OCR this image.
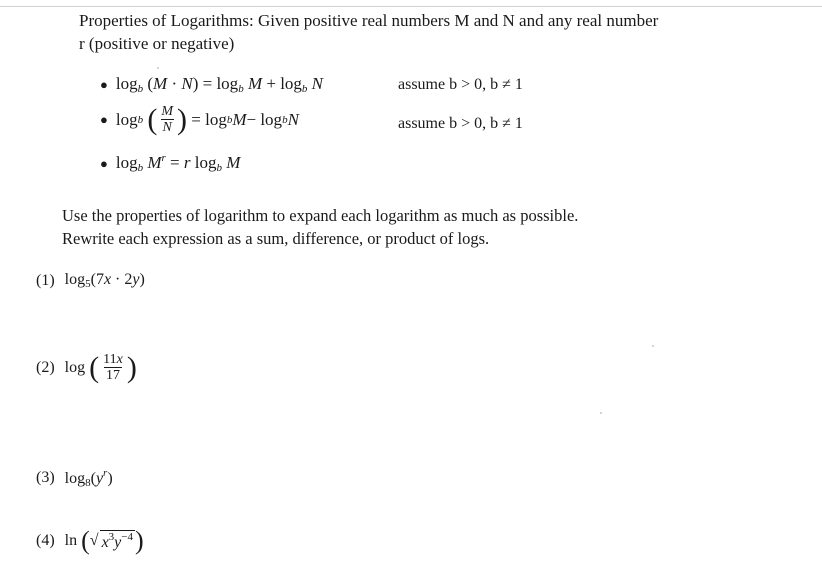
Properties of Logarithms: Given positive real numbers M and N and any real number
r (positive or negative)
● $\log_b (M \cdot N) = \log_b M + \log_b N$	assume b > 0, b ≠ 1
● log b
( $\frac{M}{N}$ ) = log b M − log b N	assume b > 0, b ≠ 1
● $\log_b M^r = r$ $\log_b M$
Use the properties of logarithm to expand each logarithm as much as possible.
Rewrite each expression as a sum, difference, or product of logs.
(1) $\log_5(7x \cdot 2y)$
(2) log ( $\frac{11x}{17}$ )
(3) $\log_8(y^r)$
(4) ln ( √ $x^3y^{-4}$ )
